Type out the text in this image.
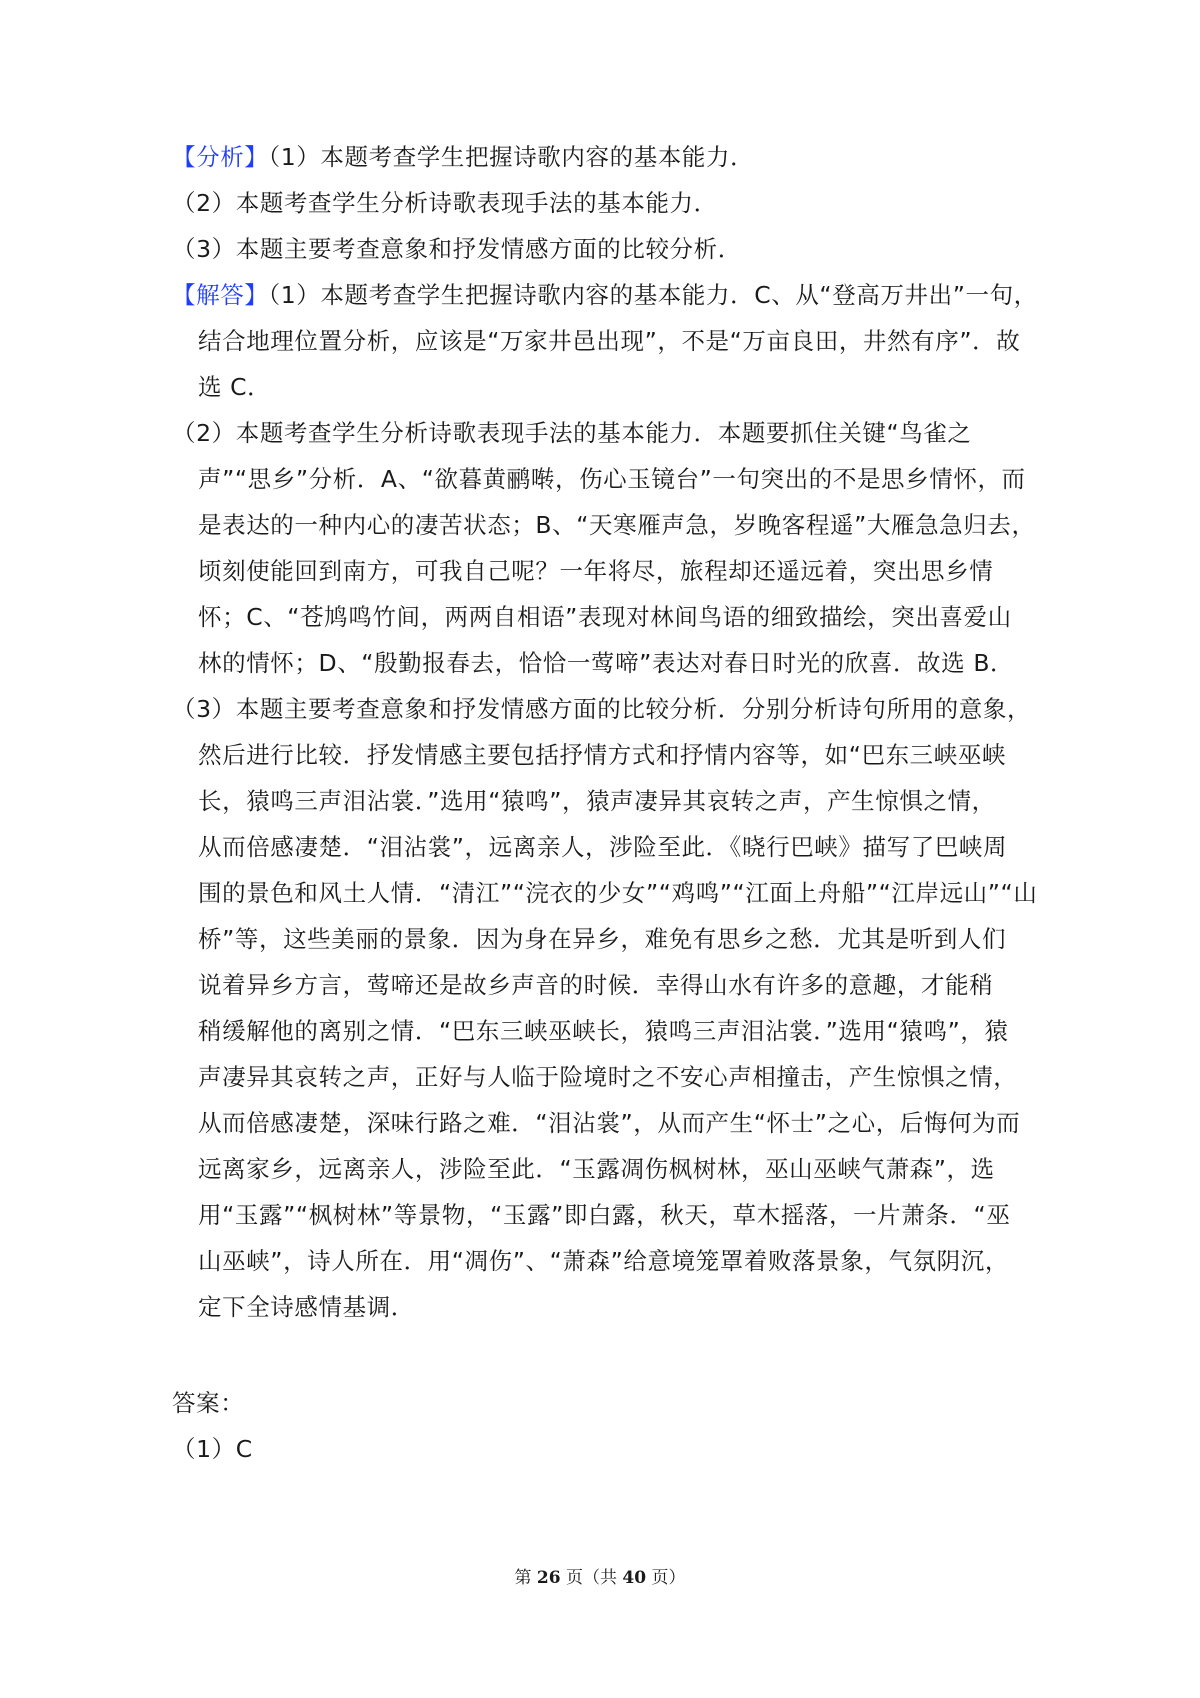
【分析】（1）本题考查学生把握诗歌内容的基本能力．
（2）本题考查学生分析诗歌表现手法的基本能力．
（3）本题主要考查意象和抒发情感方面的比较分析．
【解答】（1）本题考查学生把握诗歌内容的基本能力．C、从“登高万井出”一句，
结合地理位置分析，应该是“万家井邑出现”，不是“万亩良田，井然有序”．故
选 C．
（2）本题考查学生分析诗歌表现手法的基本能力．本题要抓住关键“鸟雀之
声”“思乡”分析．A、“欲暮黄鹂啭，伤心玉镜台”一句突出的不是思乡情怀，而
是表达的一种内心的凄苦状态；B、“天寒雁声急，岁晚客程遥”大雁急急归去，
顷刻使能回到南方，可我自己呢？一年将尽，旅程却还遥远着，突出思乡情
怀；C、“苍鸠鸣竹间，两两自相语”表现对林间鸟语的细致描绘，突出喜爱山
林的情怀；D、“殷勤报春去，恰恰一莺啼”表达对春日时光的欣喜．故选 B．
（3）本题主要考查意象和抒发情感方面的比较分析．分别分析诗句所用的意象，
然后进行比较．抒发情感主要包括抒情方式和抒情内容等，如“巴东三峡巫峡
长，猿鸣三声泪沾裳．”选用“猿鸣”，猿声凄异其哀转之声，产生惊惧之情，
从而倍感凄楚．“泪沾裳”，远离亲人，涉险至此．《晓行巴峡》描写了巴峡周
围的景色和风土人情．“清江”“浣衣的少女”“鸡鸣”“江面上舟船”“江岸远山”“山
桥”等，这些美丽的景象．因为身在异乡，难免有思乡之愁．尤其是听到人们
说着异乡方言，莺啼还是故乡声音的时候．幸得山水有许多的意趣，才能稍
稍缓解他的离别之情．“巴东三峡巫峡长，猿鸣三声泪沾裳．”选用“猿鸣”，猿
声凄异其哀转之声，正好与人临于险境时之不安心声相撞击，产生惊惧之情，
从而倍感凄楚，深味行路之难．“泪沾裳”，从而产生“怀士”之心，后悔何为而
远离家乡，远离亲人，涉险至此．“玉露凋伤枫树林，巫山巫峡气萧森”，选
用“玉露”“枫树林”等景物，“玉露”即白露，秋天，草木摇落，一片萧条．“巫
山巫峡”，诗人所在．用“凋伤”、“萧森”给意境笼罩着败落景象，气氛阴沉，
定下全诗感情基调．
答案：
（1）C
第 26 页（共 40 页）
